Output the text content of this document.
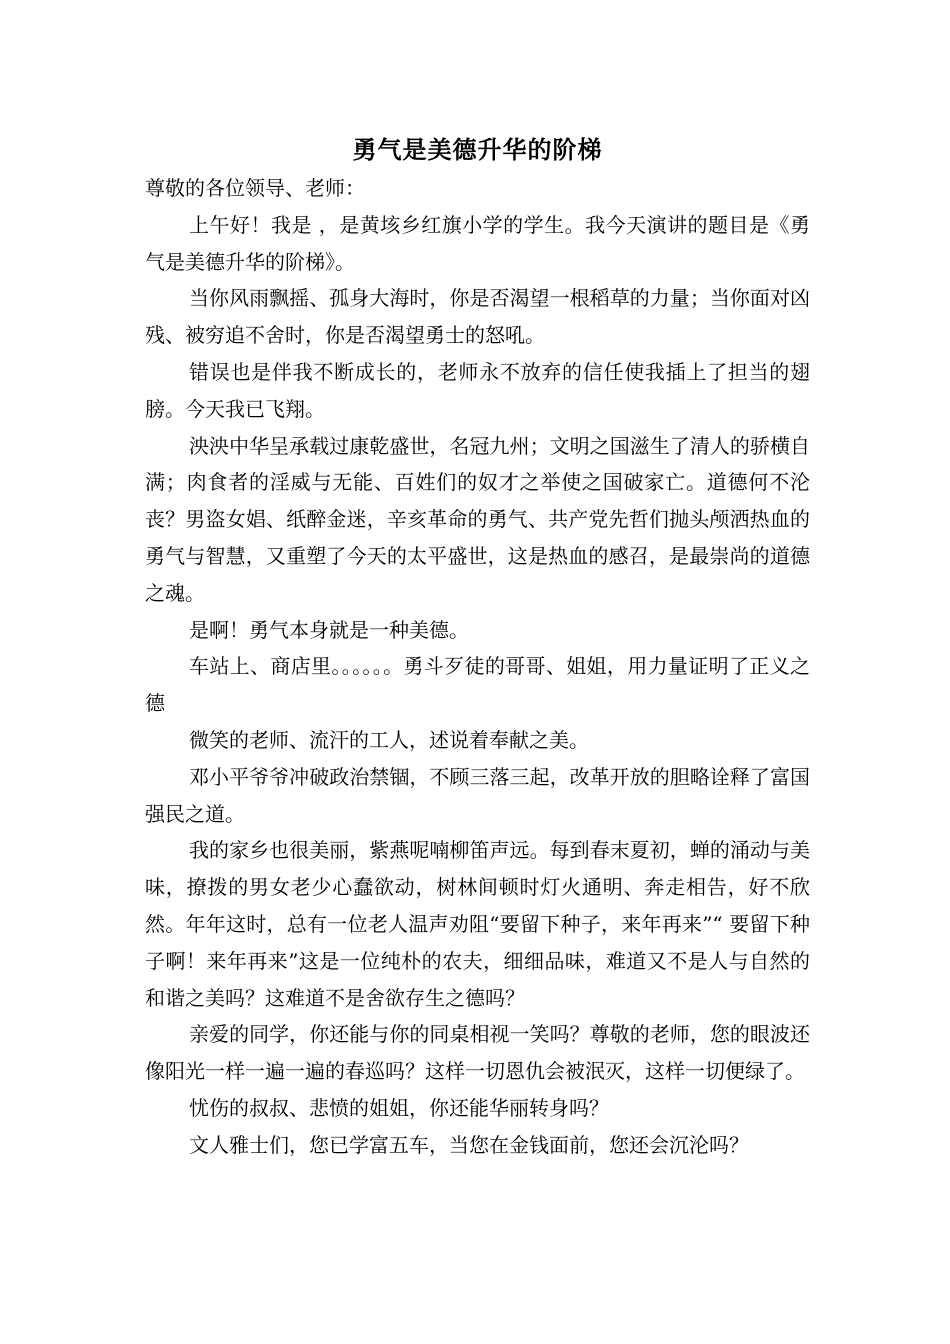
勇气是美德升华的阶梯

尊敬的各位领导、老师：

上午好！我是 ，是黄垓乡红旗小学的学生。我今天演讲的题目是《勇气是美德升华的阶梯》。

当你风雨飘摇、孤身大海时，你是否渴望一根稻草的力量；当你面对凶残、被穷追不舍时，你是否渴望勇士的怒吼。

错误也是伴我不断成长的，老师永不放弃的信任使我插上了担当的翅膀。今天我已飞翔。

泱泱中华呈承载过康乾盛世，名冠九州；文明之国滋生了清人的骄横自满；肉食者的淫威与无能、百姓们的奴才之举使之国破家亡。道德何不沦丧？男盗女娼、纸醉金迷，辛亥革命的勇气、共产党先哲们抛头颅洒热血的勇气与智慧，又重塑了今天的太平盛世，这是热血的感召，是最崇尚的道德之魂。

是啊！勇气本身就是一种美德。

车站上、商店里。。。。。。勇斗歹徒的哥哥、姐姐，用力量证明了正义之德

微笑的老师、流汗的工人，述说着奉献之美。

邓小平爷爷冲破政治禁锢，不顾三落三起，改革开放的胆略诠释了富国强民之道。

我的家乡也很美丽，紫燕呢喃柳笛声远。每到春末夏初，蝉的涌动与美味，撩拨的男女老少心蠢欲动，树林间顿时灯火通明、奔走相告，好不欣然。年年这时，总有一位老人温声劝阻“要留下种子，来年再来”“ 要留下种子啊！来年再来”这是一位纯朴的农夫，细细品味，难道又不是人与自然的和谐之美吗？这难道不是舍欲存生之德吗？

亲爱的同学，你还能与你的同桌相视一笑吗？尊敬的老师，您的眼波还像阳光一样一遍一遍的春巡吗？这样一切恩仇会被泯灭，这样一切便绿了。

忧伤的叔叔、悲愤的姐姐，你还能华丽转身吗？

文人雅士们，您已学富五车，当您在金钱面前，您还会沉沦吗？
